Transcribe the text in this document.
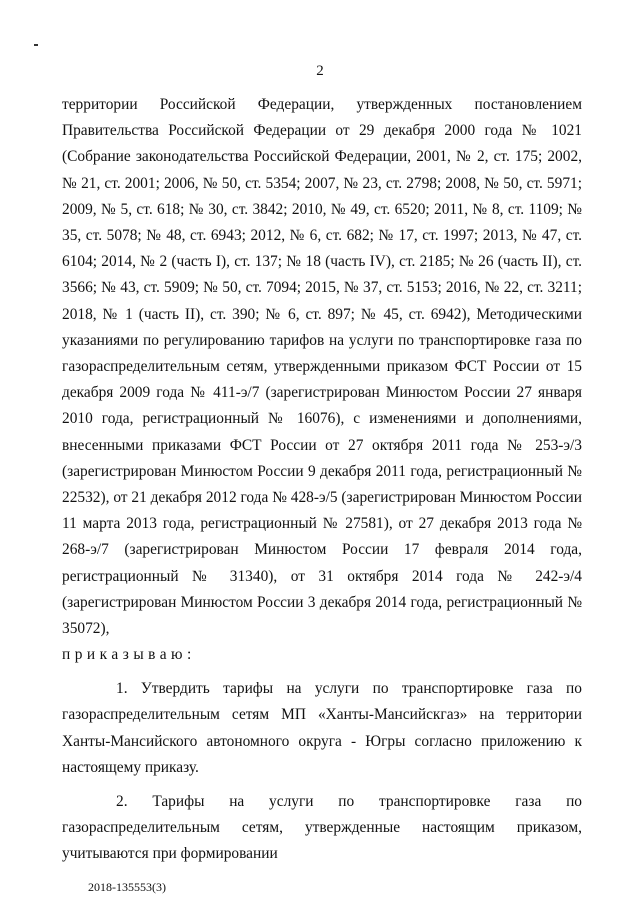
2

территории Российской Федерации, утвержденных постановлением Правительства Российской Федерации от 29 декабря 2000 года № 1021 (Собрание законодательства Российской Федерации, 2001, № 2, ст. 175; 2002, № 21, ст. 2001; 2006, № 50, ст. 5354; 2007, № 23, ст. 2798; 2008, № 50, ст. 5971; 2009, № 5, ст. 618; № 30, ст. 3842; 2010, № 49, ст. 6520; 2011, № 8, ст. 1109; № 35, ст. 5078; № 48, ст. 6943; 2012, № 6, ст. 682; № 17, ст. 1997; 2013, № 47, ст. 6104; 2014, № 2 (часть I), ст. 137; № 18 (часть IV), ст. 2185; № 26 (часть II), ст. 3566; № 43, ст. 5909; № 50, ст. 7094; 2015, № 37, ст. 5153; 2016, № 22, ст. 3211; 2018, № 1 (часть II), ст. 390; № 6, ст. 897; № 45, ст. 6942), Методическими указаниями по регулированию тарифов на услуги по транспортировке газа по газораспределительным сетям, утвержденными приказом ФСТ России от 15 декабря 2009 года № 411-э/7 (зарегистрирован Минюстом России 27 января 2010 года, регистрационный № 16076), с изменениями и дополнениями, внесенными приказами ФСТ России от 27 октября 2011 года № 253-э/3 (зарегистрирован Минюстом России 9 декабря 2011 года, регистрационный № 22532), от 21 декабря 2012 года № 428-э/5 (зарегистрирован Минюстом России 11 марта 2013 года, регистрационный № 27581), от 27 декабря 2013 года № 268-э/7 (зарегистрирован Минюстом России 17 февраля 2014 года, регистрационный № 31340), от 31 октября 2014 года № 242-э/4 (зарегистрирован Минюстом России 3 декабря 2014 года, регистрационный № 35072),

приказываю:

1. Утвердить тарифы на услуги по транспортировке газа по газораспределительным сетям МП «Ханты-Мансийскгаз» на территории Ханты-Мансийского автономного округа - Югры согласно приложению к настоящему приказу.

2. Тарифы на услуги по транспортировке газа по газораспределительным сетям, утвержденные настоящим приказом, учитываются при формировании

2018-135553(3)
